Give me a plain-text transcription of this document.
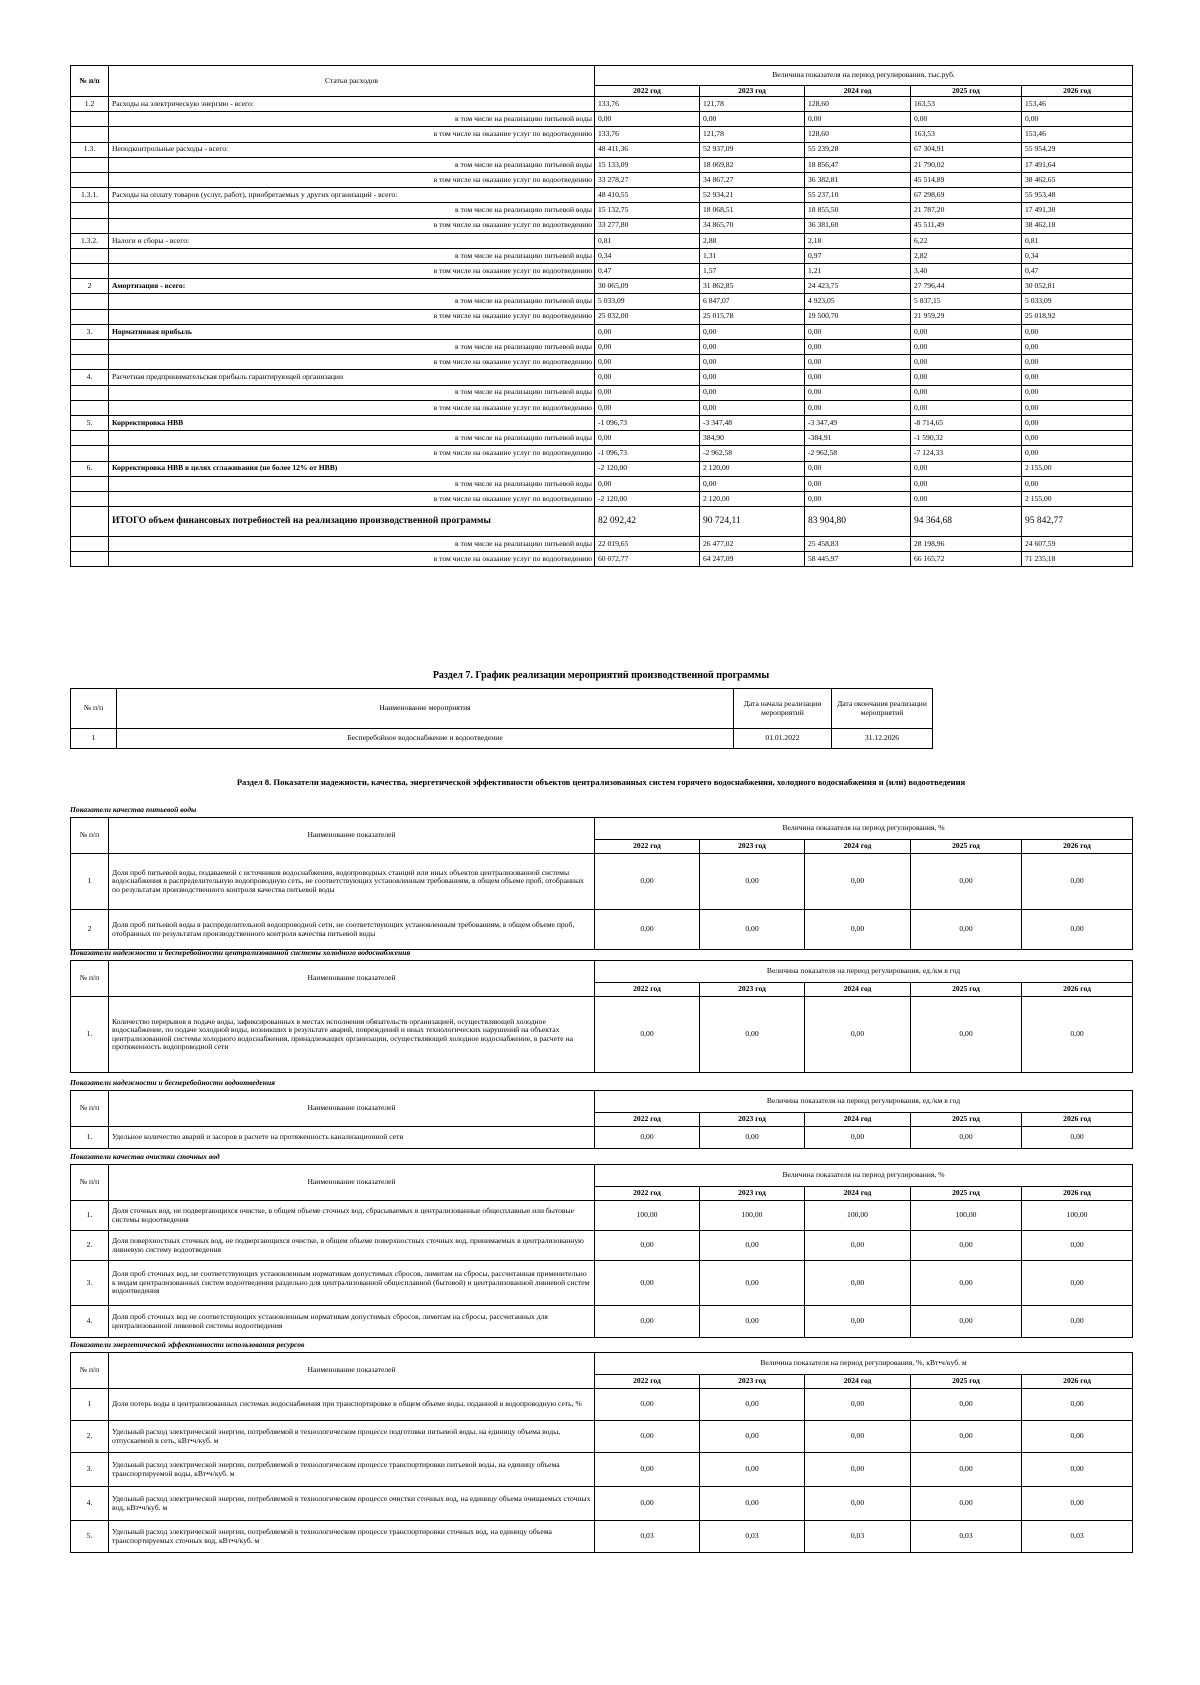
№ п/п	Статьи расходов	Величина показателя на период регулирования, тыс.руб.				
		2022 год	2023 год	2024 год	2025 год	2026 год
1.2	Расходы на электрическую энергию - всего:	133,76	121,78	128,60	163,53	153,46
	в том числе на реализацию питьевой воды	0,00	0,00	0,00	0,00	0,00
	в том числе на оказание услуг по водоотведению	133,76	121,78	128,60	163,53	153,46
1.3.	Неподконтрольные расходы - всего:	48 411,36	52 937,09	55 239,28	67 304,91	55 954,29
	в том числе на реализацию питьевой воды	15 133,09	18 069,82	18 856,47	21 790,02	17 491,64
	в том числе на оказание услуг по водоотведению	33 278,27	34 867,27	36 382,81	45 514,89	38 462,65
1.3.1.	Расходы на оплату товаров (услуг, работ), приобретаемых у других организаций - всего:	48 410,55	52 934,21	55 237,10	67 298,69	55 953,48
	в том числе на реализацию питьевой воды	15 132,75	18 068,51	18 855,50	21 787,20	17 491,30
	в том числе на оказание услуг по водоотведению	33 277,80	34 865,70	36 381,60	45 511,49	38 462,18
1.3.2.	Налоги и сборы - всего:	0,81	2,88	2,18	6,22	0,81
	в том числе на реализацию питьевой воды	0,34	1,31	0,97	2,82	0,34
	в том числе на оказание услуг по водоотведению	0,47	1,57	1,21	3,40	0,47
2	Амортизация - всего:	30 065,09	31 862,85	24 423,75	27 796,44	30 052,81
	в том числе на реализацию питьевой воды	5 033,09	6 847,07	4 923,05	5 837,15	5 033,09
	в том числе на оказание услуг по водоотведению	25 032,00	25 015,78	19 500,70	21 959,29	25 018,92
3.	Нормативная прибыль	0,00	0,00	0,00	0,00	0,00
	в том числе на реализацию питьевой воды	0,00	0,00	0,00	0,00	0,00
	в том числе на оказание услуг по водоотведению	0,00	0,00	0,00	0,00	0,00
4.	Расчетная предпринимательская прибыль гарантирующей организации	0,00	0,00	0,00	0,00	0,00
	в том числе на реализацию питьевой воды	0,00	0,00	0,00	0,00	0,00
	в том числе на оказание услуг по водоотведению	0,00	0,00	0,00	0,00	0,00
5.	Корректировка НВВ	-1 096,73	-3 347,48	-3 347,49	-8 714,65	0,00
	в том числе на реализацию питьевой воды	0,00	384,90	-384,91	-1 590,32	0,00
	в том числе на оказание услуг по водоотведению	-1 096,73	-2 962,58	-2 962,58	-7 124,33	0,00
6.	Корректировка НВВ в целях сглаживания (не более 12% от НВВ)	-2 120,00	2 120,00	0,00	0,00	2 155,00
	в том числе на реализацию питьевой воды	0,00	0,00	0,00	0,00	0,00
	в том числе на оказание услуг по водоотведению	-2 120,00	2 120,00	0,00	0,00	2 155,00
	ИТОГО объем финансовых потребностей на реализацию производственной программы	82 092,42	90 724,11	83 904,80	94 364,68	95 842,77
	в том числе на реализацию питьевой воды	22 019,65	26 477,02	25 458,83	28 198,96	24 607,59
	в том числе на оказание услуг по водоотведению	60 072,77	64 247,09	58 445,97	66 165,72	71 235,18
Раздел 7. График реализации мероприятий производственной программы
№ п/п	Наименование мероприятия	Дата начала реализации мероприятий	Дата окончания реализации мероприятий
1	Бесперебойное водоснабжение и водоотведение	01.01.2022	31.12.2026
Раздел 8. Показатели надежности, качества, энергетической эффективности объектов централизованных систем горячего водоснабжения, холодного водоснабжения и (или) водоотведения
Показатели качества питьевой воды
№ п/п	Наименование показателей	Величина показателя на период регулирования, %				
		2022 год	2023 год	2024 год	2025 год	2026 год
1	Доля проб питьевой воды, подаваемой с источников водоснабжения, водопроводных станций или иных объектов централизованной системы водоснабжения в распределительную водопроводную сеть, не соответствующих установленным требованиям, в общем объеме проб, отобранных по результатам производственного контроля качества питьевой воды	0,00	0,00	0,00	0,00	0,00
2	Доля проб питьевой воды в распределительной водопроводной сети, не соответствующих установленным требованиям, в общем объеме проб, отобранных по результатам производственного контроля качества питьевой воды	0,00	0,00	0,00	0,00	0,00
Показатели надежности и бесперебойности централизованной системы холодного водоснабжения
№ п/п	Наименование показателей	Величина показателя на период регулирования, ед./км в год				
		2022 год	2023 год	2024 год	2025 год	2026 год
1.	Количество перерывов в подаче воды, зафиксированных в местах исполнения обязательств организацией, осуществляющей холодное водоснабжение, по подаче холодной воды, возникших в результате аварий, повреждений и иных технологических нарушений на объектах централизованной системы холодного водоснабжения, принадлежащих организации, осуществляющей холодное водоснабжение, в расчете на протяженность водопроводной сети	0,00	0,00	0,00	0,00	0,00
Показатели надежности и бесперебойности водоотведения
№ п/п	Наименование показателей	Величина показателя на период регулирования, ед./км в год				
		2022 год	2023 год	2024 год	2025 год	2026 год
1.	Удельное количество аварий и засоров в расчете на протяженность канализационной сети	0,00	0,00	0,00	0,00	0,00
Показатели качества очистки сточных вод
№ п/п	Наименование показателей	Величина показателя на период регулирования, %				
		2022 год	2023 год	2024 год	2025 год	2026 год
1.	Доля сточных вод, не подвергающихся очистке, в общем объеме сточных вод, сбрасываемых в централизованные общесплавные или бытовые системы водоотведения	100,00	100,00	100,00	100,00	100,00
2.	Доля поверхностных сточных вод, не подвергающихся очистке, в общем объеме поверхностных сточных вод, принимаемых в централизованную ливневую систему водоотведения	0,00	0,00	0,00	0,00	0,00
3.	Доля проб сточных вод, не соответствующих установленным нормативам допустимых сбросов, лимитам на сбросы, рассчитанная применительно к видам централизованных систем водоотведения раздельно для централизованной общесплавной (бытовой) и централизованной ливневой систем водоотведения	0,00	0,00	0,00	0,00	0,00
4.	Доля проб сточных вод не соответствующих установленным нормативам допустимых сбросов, лимитам на сбросы, рассчитанных для централизованной ливневой системы водоотведения	0,00	0,00	0,00	0,00	0,00
Показатели энергетической эффективности использования ресурсов
№ п/п	Наименование показателей	Величина показателя на период регулирования, %, кВт•ч/куб. м				
		2022 год	2023 год	2024 год	2025 год	2026 год
1	Доля потерь воды в централизованных системах водоснабжения при транспортировке в общем объеме воды, поданной в водопроводную сеть, %	0,00	0,00	0,00	0,00	0,00
2.	Удельный расход электрической энергии, потребляемой в технологическом процессе подготовки питьевой воды, на единицу объема воды, отпускаемой в сеть, кВт•ч/куб. м	0,00	0,00	0,00	0,00	0,00
3.	Удельный расход электрической энергии, потребляемой в технологическом процессе транспортировки питьевой воды, на единицу объема транспортируемой воды, кВт•ч/куб. м	0,00	0,00	0,00	0,00	0,00
4.	Удельный расход электрической энергии, потребляемой в технологическом процессе очистки сточных вод, на единицу объема очищаемых сточных вод, кВт•ч/куб. м	0,00	0,00	0,00	0,00	0,00
5.	Удельный расход электрической энергии, потребляемой в технологическом процессе транспортировки сточных вод, на единицу объема транспортируемых сточных вод, кВт•ч/куб. м	0,03	0,03	0,03	0,03	0,03
